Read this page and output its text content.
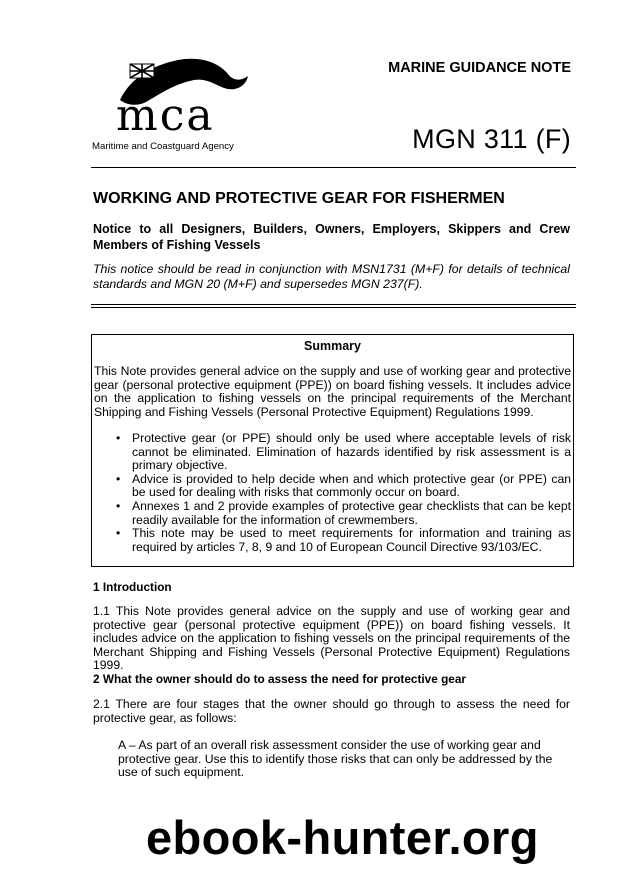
mca
Maritime and Coastguard Agency
MARINE GUIDANCE NOTE
MGN 311 (F)
WORKING AND PROTECTIVE GEAR FOR FISHERMEN
Notice to all Designers, Builders, Owners, Employers, Skippers and Crew Members of Fishing Vessels
This notice should be read in conjunction with MSN1731 (M+F) for details of technical standards and MGN 20 (M+F) and supersedes MGN 237(F).
Summary
This Note provides general advice on the supply and use of working gear and protective gear (personal protective equipment (PPE)) on board fishing vessels. It includes advice on the application to fishing vessels on the principal requirements of the Merchant Shipping and Fishing Vessels (Personal Protective Equipment) Regulations 1999.
• Protective gear (or PPE) should only be used where acceptable levels of risk cannot be eliminated. Elimination of hazards identified by risk assessment is a primary objective.
• Advice is provided to help decide when and which protective gear (or PPE) can be used for dealing with risks that commonly occur on board.
• Annexes 1 and 2 provide examples of protective gear checklists that can be kept readily available for the information of crewmembers.
• This note may be used to meet requirements for information and training as required by articles 7, 8, 9 and 10 of European Council Directive 93/103/EC.
1 Introduction
1.1 This Note provides general advice on the supply and use of working gear and protective gear (personal protective equipment (PPE)) on board fishing vessels. It includes advice on the application to fishing vessels on the principal requirements of the Merchant Shipping and Fishing Vessels (Personal Protective Equipment) Regulations 1999.
2 What the owner should do to assess the need for protective gear
2.1 There are four stages that the owner should go through to assess the need for protective gear, as follows:
A – As part of an overall risk assessment consider the use of working gear and protective gear. Use this to identify those risks that can only be addressed by the use of such equipment.
ebook-hunter.org
